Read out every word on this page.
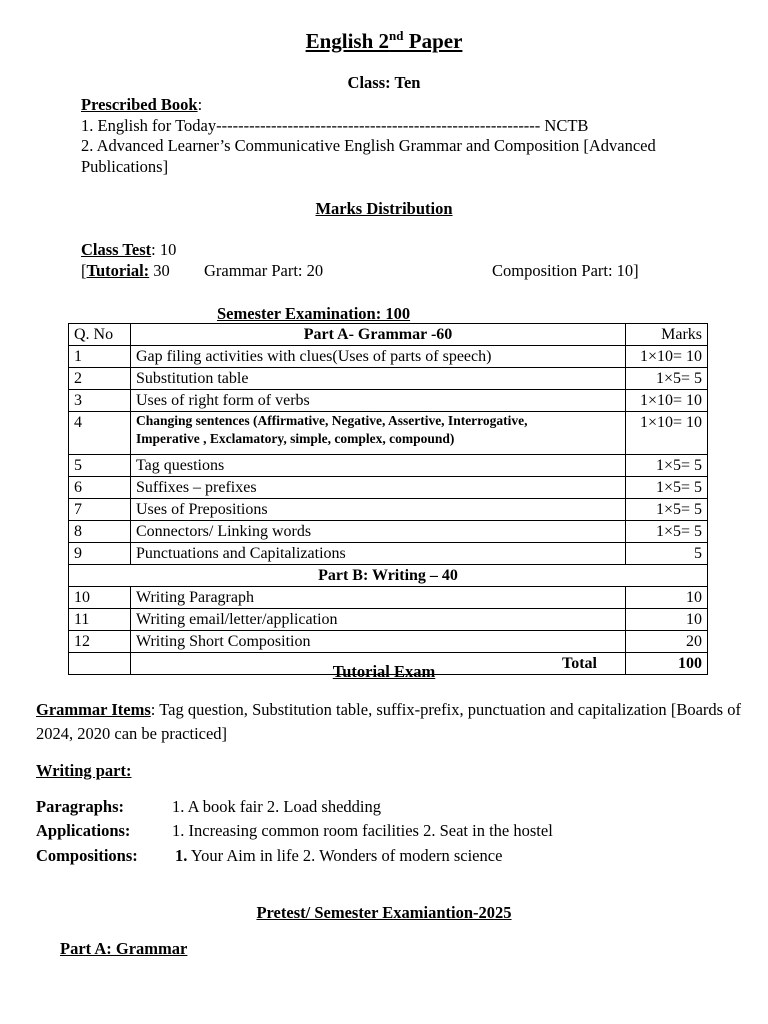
English 2nd Paper
Class: Ten
Prescribed Book:
1. English for Today----------------------------------------------------------- NCTB
2. Advanced Learner’s Communicative English Grammar and Composition [Advanced
Publications]
Marks Distribution
Class Test: 10
[Tutorial: 30 Grammar Part: 20	Composition Part: 10]
Semester Examination: 100
Q. No	Part A- Grammar -60	Marks
1	Gap filing activities with clues(Uses of parts of speech)	1×10= 10
2	Substitution table	1×5= 5
3	Uses of right form of verbs	1×10= 10
4	Changing sentences (Affirmative, Negative, Assertive, Interrogative,
Imperative , Exclamatory, simple, complex, compound)	1×10= 10
5	Tag questions	1×5= 5
6	Suffixes – prefixes	1×5= 5
7	Uses of Prepositions	1×5= 5
8	Connectors/ Linking words	1×5= 5
9	Punctuations and Capitalizations	5
Part B: Writing – 40		
10	Writing Paragraph	10
11	Writing email/letter/application	10
12	Writing Short Composition	20
	Total	100
Tutorial Exam
Grammar Items: Tag question, Substitution table, suffix-prefix, punctuation and capitalization [Boards of 2024, 2020 can be practiced]
Writing part:
Paragraphs:	1. A book fair 2. Load shedding
Applications:	1. Increasing common room facilities 2. Seat in the hostel
Compositions: 1. Your Aim in life 2. Wonders of modern science
Pretest/ Semester Examiantion-2025
Part A: Grammar
